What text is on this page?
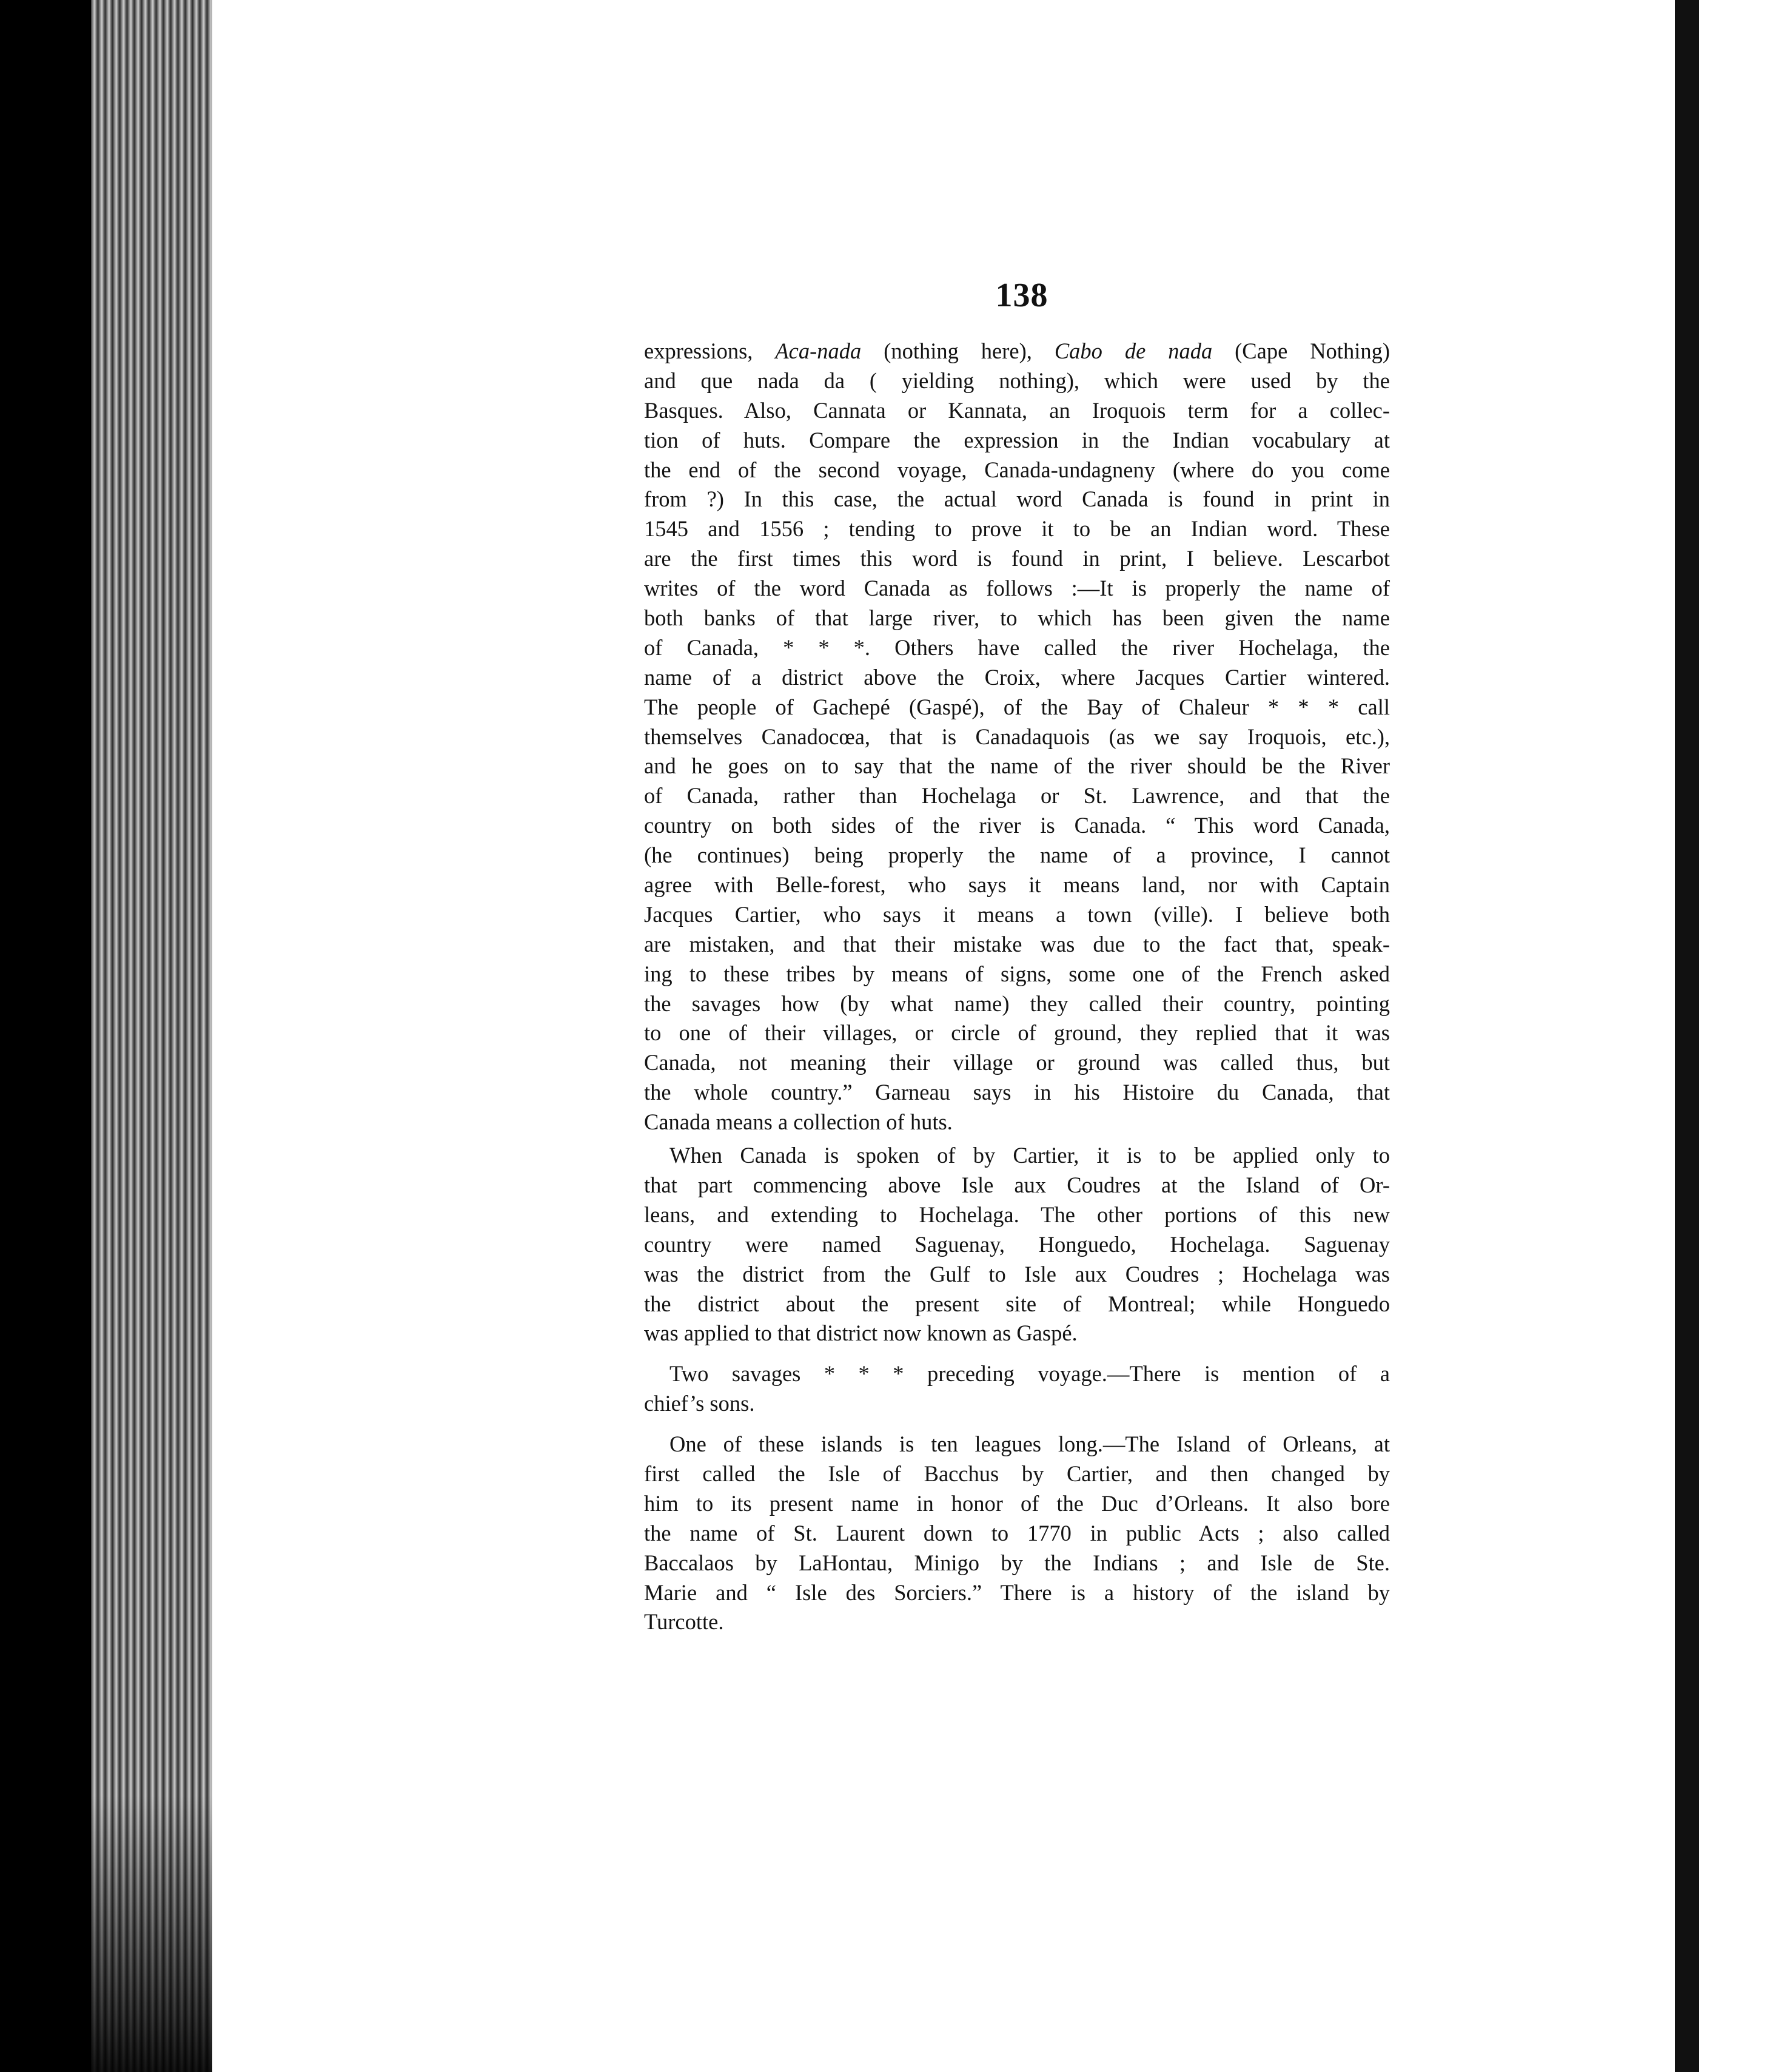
138
expressions, Aca-nada (nothing here), Cabo de nada (Cape Nothing)
and que nada da ( yielding nothing), which were used by the
Basques. Also, Cannata or Kannata, an Iroquois term for a collec-
tion of huts. Compare the expression in the Indian vocabulary at
the end of the second voyage, Canada-undagneny (where do you come
from ?) In this case, the actual word Canada is found in print in
1545 and 1556 ; tending to prove it to be an Indian word. These
are the first times this word is found in print, I believe. Lescarbot
writes of the word Canada as follows :—It is properly the name of
both banks of that large river, to which has been given the name
of Canada, * * *. Others have called the river Hochelaga, the
name of a district above the Croix, where Jacques Cartier wintered.
The people of Gachepé (Gaspé), of the Bay of Chaleur * * * call
themselves Canadocœa, that is Canadaquois (as we say Iroquois, etc.),
and he goes on to say that the name of the river should be the River
of Canada, rather than Hochelaga or St. Lawrence, and that the
country on both sides of the river is Canada. “ This word Canada,
(he continues) being properly the name of a province, I cannot
agree with Belle-forest, who says it means land, nor with Captain
Jacques Cartier, who says it means a town (ville). I believe both
are mistaken, and that their mistake was due to the fact that, speak-
ing to these tribes by means of signs, some one of the French asked
the savages how (by what name) they called their country, pointing
to one of their villages, or circle of ground, they replied that it was
Canada, not meaning their village or ground was called thus, but
the whole country.” Garneau says in his Histoire du Canada, that
Canada means a collection of huts.
When Canada is spoken of by Cartier, it is to be applied only to
that part commencing above Isle aux Coudres at the Island of Or-
leans, and extending to Hochelaga. The other portions of this new
country were named Saguenay, Honguedo, Hochelaga. Saguenay
was the district from the Gulf to Isle aux Coudres ; Hochelaga was
the district about the present site of Montreal; while Honguedo
was applied to that district now known as Gaspé.
Two savages * * * preceding voyage.—There is mention of a
chief’s sons.
One of these islands is ten leagues long.—The Island of Orleans, at
first called the Isle of Bacchus by Cartier, and then changed by
him to its present name in honor of the Duc d’Orleans. It also bore
the name of St. Laurent down to 1770 in public Acts ; also called
Baccalaos by LaHontau, Minigo by the Indians ; and Isle de Ste.
Marie and “ Isle des Sorciers.” There is a history of the island by
Turcotte.
